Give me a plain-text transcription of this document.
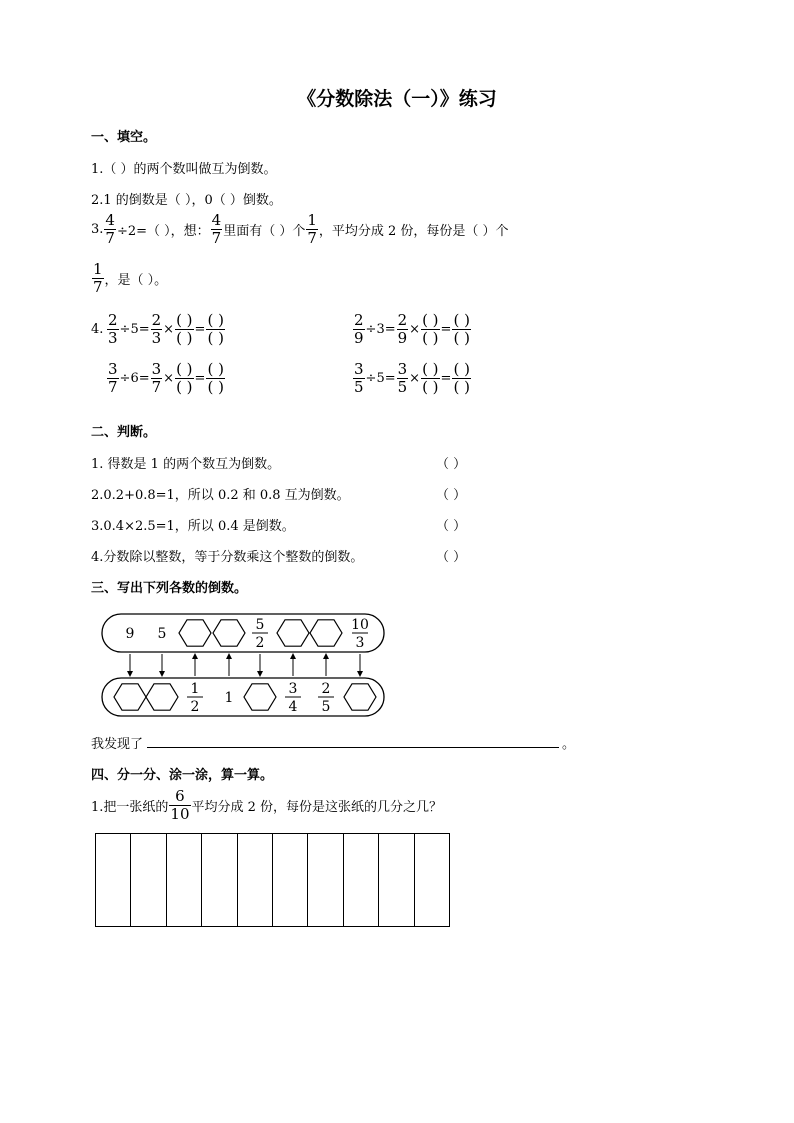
《分数除法（一）》练习
一、填空。
1.（ ）的两个数叫做互为倒数。
2.1 的倒数是（ ），0（ ）倒数。
3. $\frac{4}{7} \div 2=$（ ），想： $\frac{4}{7}$ 里面有（ ）个 $\frac{1}{7}$ ，平均分成 2 份，每份是（ ）个
$\frac{1}{7}$ ，是（ ）。
4. $\frac{2}{3} \div 5= \frac{2}{3} \times \frac{( )}{( )} = \frac{( )}{( )}$	$\frac{2}{9} \div 3= \frac{2}{9} \times \frac{( )}{( )} = \frac{( )}{( )}$
$\frac{3}{7} \div 6= \frac{3}{7} \times \frac{( )}{( )} = \frac{( )}{( )}$	$\frac{3}{5} \div 5= \frac{3}{5} \times \frac{( )}{( )} = \frac{( )}{( )}$
二、判断。
1. 得数是 1 的两个数互为倒数。	（ ）
2.0.2+0.8=1，所以 0.2 和 0.8 互为倒数。	（ ）
3.0.4×2.5=1，所以 0.4 是倒数。	（ ）
4.分数除以整数，等于分数乘这个整数的倒数。	（ ）
三、写出下列各数的倒数。
9 5
5
2
10
3
1
2
1
3
4
2
5
我发现了	。
四、分一分、涂一涂，算一算。
1.把一张纸的 $\frac{6}{10}$ 平均分成 2 份，每份是这张纸的几分之几？
